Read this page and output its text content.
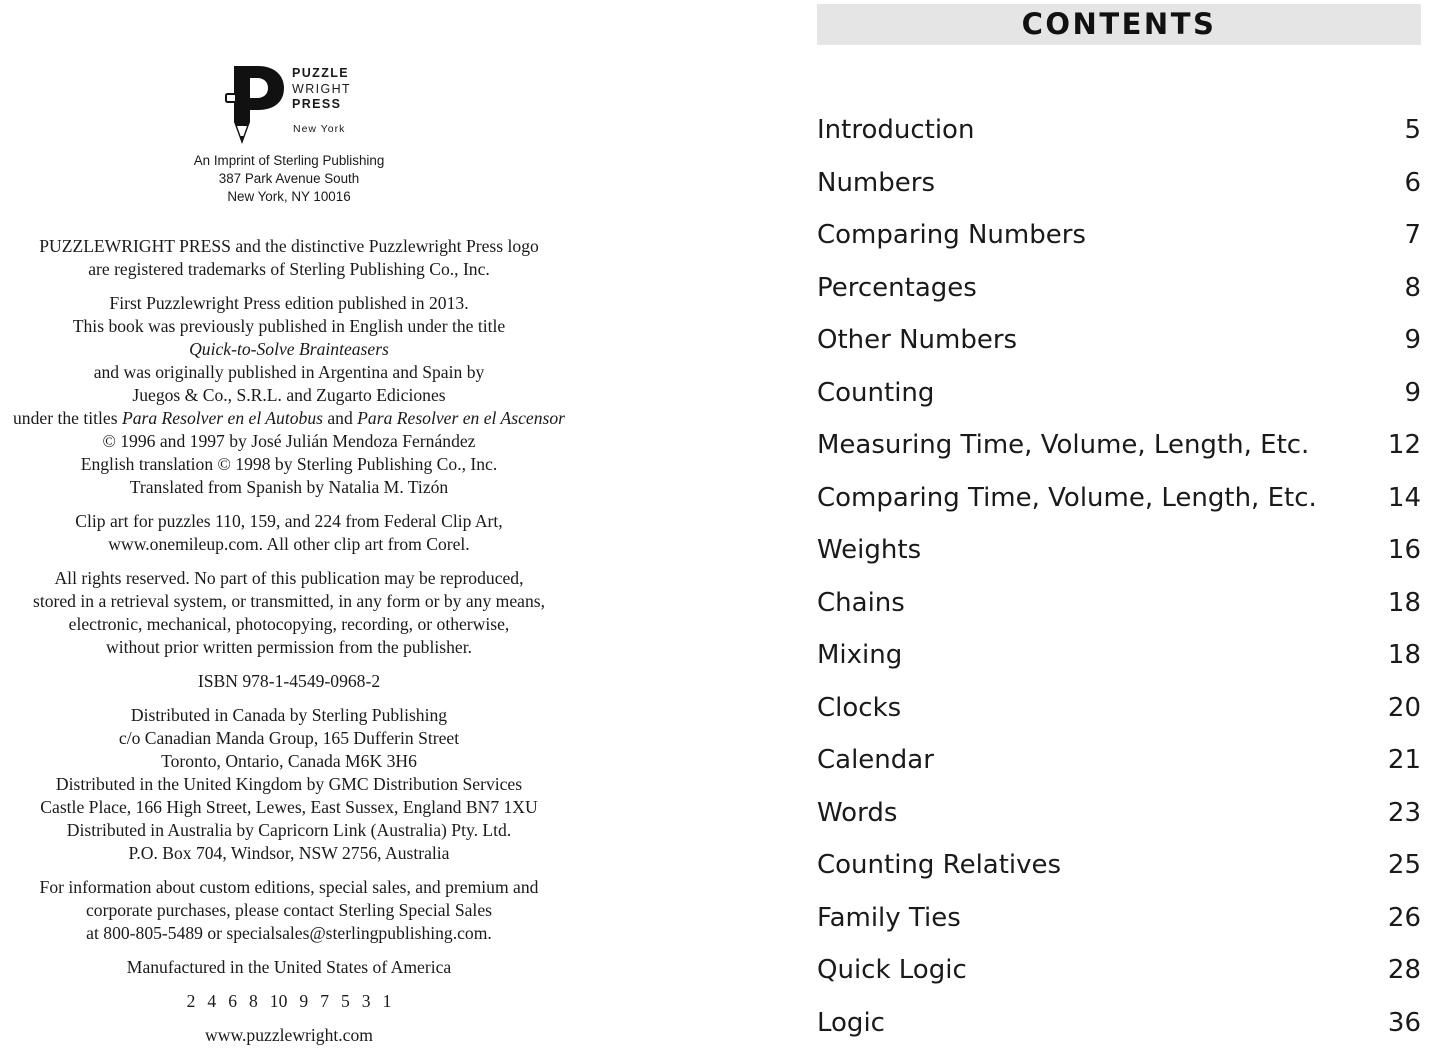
PUZZLE
WRIGHT
PRESS
New York
An Imprint of Sterling Publishing
387 Park Avenue South
New York, NY 10016
PUZZLEWRIGHT PRESS and the distinctive Puzzlewright Press logo
are registered trademarks of Sterling Publishing Co., Inc.
First Puzzlewright Press edition published in 2013.
This book was previously published in English under the title
Quick-to-Solve Brainteasers
and was originally published in Argentina and Spain by
Juegos & Co., S.R.L. and Zugarto Ediciones
under the titles Para Resolver en el Autobus and Para Resolver en el Ascensor
© 1996 and 1997 by José Julián Mendoza Fernández
English translation © 1998 by Sterling Publishing Co., Inc.
Translated from Spanish by Natalia M. Tizón
Clip art for puzzles 110, 159, and 224 from Federal Clip Art,
www.onemileup.com. All other clip art from Corel.
All rights reserved. No part of this publication may be reproduced,
stored in a retrieval system, or transmitted, in any form or by any means,
electronic, mechanical, photocopying, recording, or otherwise,
without prior written permission from the publisher.
ISBN 978-1-4549-0968-2
Distributed in Canada by Sterling Publishing
c/o Canadian Manda Group, 165 Dufferin Street
Toronto, Ontario, Canada M6K 3H6
Distributed in the United Kingdom by GMC Distribution Services
Castle Place, 166 High Street, Lewes, East Sussex, England BN7 1XU
Distributed in Australia by Capricorn Link (Australia) Pty. Ltd.
P.O. Box 704, Windsor, NSW 2756, Australia
For information about custom editions, special sales, and premium and
corporate purchases, please contact Sterling Special Sales
at 800-805-5489 or specialsales@sterlingpublishing.com.
Manufactured in the United States of America
2 4 6 8 10 9 7 5 3 1
www.puzzlewright.com
CONTENTS
Introduction	5
Numbers	6
Comparing Numbers	7
Percentages	8
Other Numbers	9
Counting	9
Measuring Time, Volume, Length, Etc.	12
Comparing Time, Volume, Length, Etc.	14
Weights	16
Chains	18
Mixing	18
Clocks	20
Calendar	21
Words	23
Counting Relatives	25
Family Ties	26
Quick Logic	28
Logic	36
